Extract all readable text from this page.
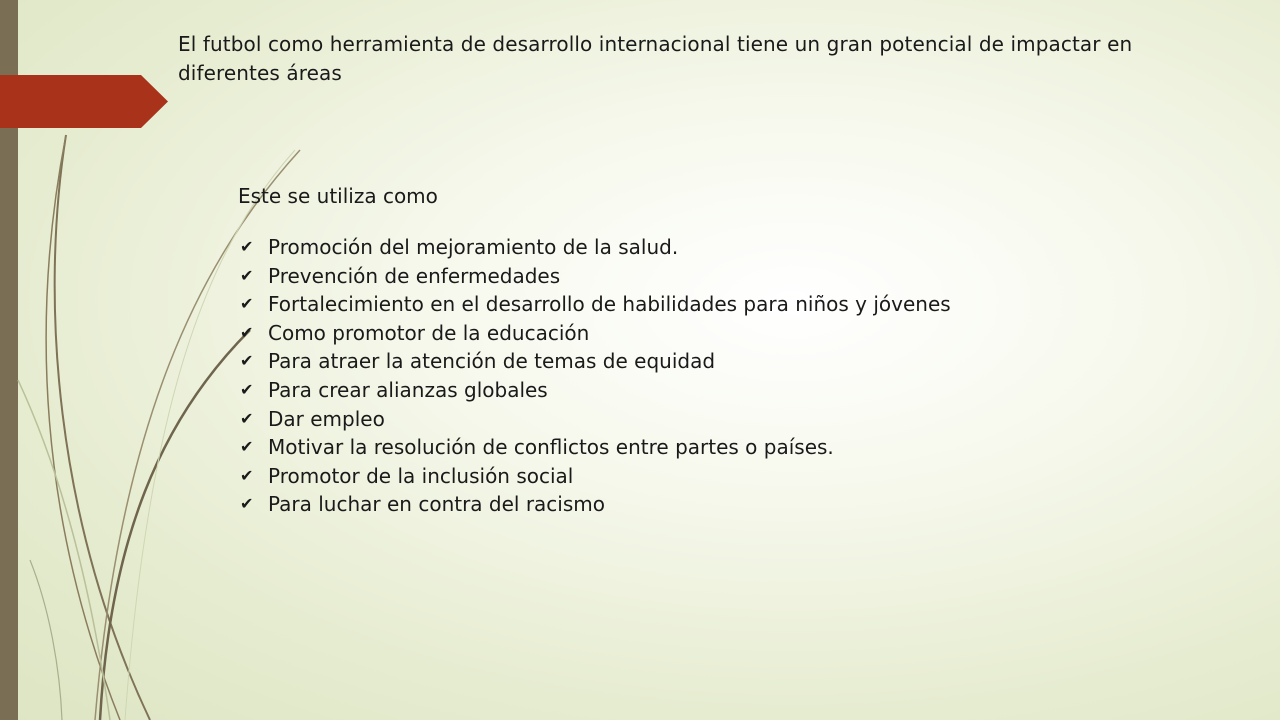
El futbol como herramienta de desarrollo internacional tiene un gran potencial de impactar en diferentes áreas

Este se utiliza como

✔ Promoción del mejoramiento de la salud.
✔ Prevención de enfermedades
✔ Fortalecimiento en el desarrollo de habilidades para niños y jóvenes
✔ Como promotor de la educación
✔ Para atraer la atención de temas de equidad
✔ Para crear alianzas globales
✔ Dar empleo
✔ Motivar la resolución de conflictos entre partes o países.
✔ Promotor de la inclusión social
✔ Para luchar en contra del racismo
